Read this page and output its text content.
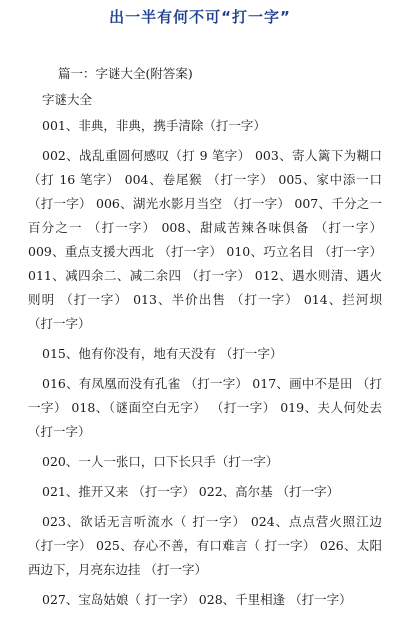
出一半有何不可“打一字”
篇一：字谜大全(附答案)
字谜大全
001、非典，非典，携手清除（打一字）
002、战乱重圆何感叹（打 9 笔字） 003、寄人篱下为糊口（打 16 笔字） 004、卷尾猴 （打一字） 005、家中添一口（打一字） 006、湖光水影月当空 （打一字） 007、千分之一百分之一 （打一字） 008、甜咸苦辣各味俱备 （打一字） 009、重点支援大西北 （打一字） 010、巧立名目 （打一字） 011、减四余二、减二余四 （打一字） 012、遇水则清、遇火则明 （打一字） 013、半价出售 （打一字） 014、拦河坝 （打一字）
015、他有你没有，地有天没有 （打一字）
016、有凤凰而没有孔雀 （打一字） 017、画中不是田 （打一字） 018、（谜面空白无字） （打一字） 019、夫人何处去（打一字）
020、一人一张口，口下长只手（打一字）
021、推开又来 （打一字） 022、高尔基 （打一字）
023、欲话无言听流水（ 打一字） 024、点点营火照江边 （打一字） 025、存心不善，有口难言（ 打一字） 026、太阳西边下，月亮东边挂 （打一字）
027、宝岛姑娘（ 打一字） 028、千里相逢 （打一字）
